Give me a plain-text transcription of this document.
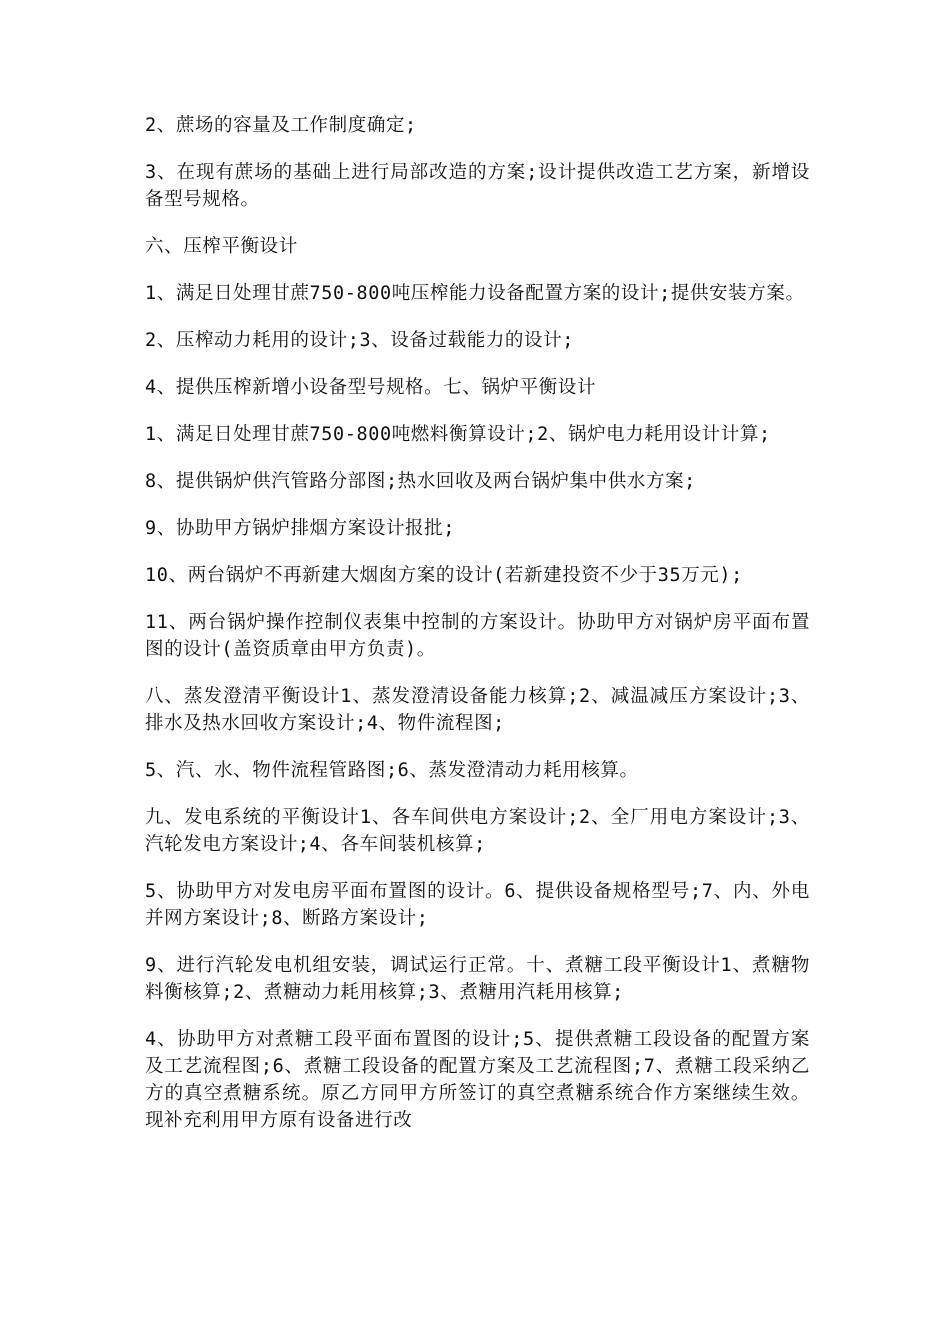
2、蔗场的容量及工作制度确定;

3、在现有蔗场的基础上进行局部改造的方案;设计提供改造工艺方案，新增设备型号规格。

六、压榨平衡设计

1、满足日处理甘蔗750-800吨压榨能力设备配置方案的设计;提供安装方案。

2、压榨动力耗用的设计;3、设备过载能力的设计;

4、提供压榨新增小设备型号规格。七、锅炉平衡设计

1、满足日处理甘蔗750-800吨燃料衡算设计;2、锅炉电力耗用设计计算;

8、提供锅炉供汽管路分部图;热水回收及两台锅炉集中供水方案;

9、协助甲方锅炉排烟方案设计报批;

10、两台锅炉不再新建大烟囱方案的设计(若新建投资不少于35万元);

11、两台锅炉操作控制仪表集中控制的方案设计。协助甲方对锅炉房平面布置图的设计(盖资质章由甲方负责)。

八、蒸发澄清平衡设计1、蒸发澄清设备能力核算;2、减温减压方案设计;3、排水及热水回收方案设计;4、物件流程图;

5、汽、水、物件流程管路图;6、蒸发澄清动力耗用核算。

九、发电系统的平衡设计1、各车间供电方案设计;2、全厂用电方案设计;3、汽轮发电方案设计;4、各车间装机核算;

5、协助甲方对发电房平面布置图的设计。6、提供设备规格型号;7、内、外电并网方案设计;8、断路方案设计;

9、进行汽轮发电机组安装，调试运行正常。十、煮糖工段平衡设计1、煮糖物料衡核算;2、煮糖动力耗用核算;3、煮糖用汽耗用核算;

4、协助甲方对煮糖工段平面布置图的设计;5、提供煮糖工段设备的配置方案及工艺流程图;6、煮糖工段设备的配置方案及工艺流程图;7、煮糖工段采纳乙方的真空煮糖系统。原乙方同甲方所签订的真空煮糖系统合作方案继续生效。现补充利用甲方原有设备进行改
